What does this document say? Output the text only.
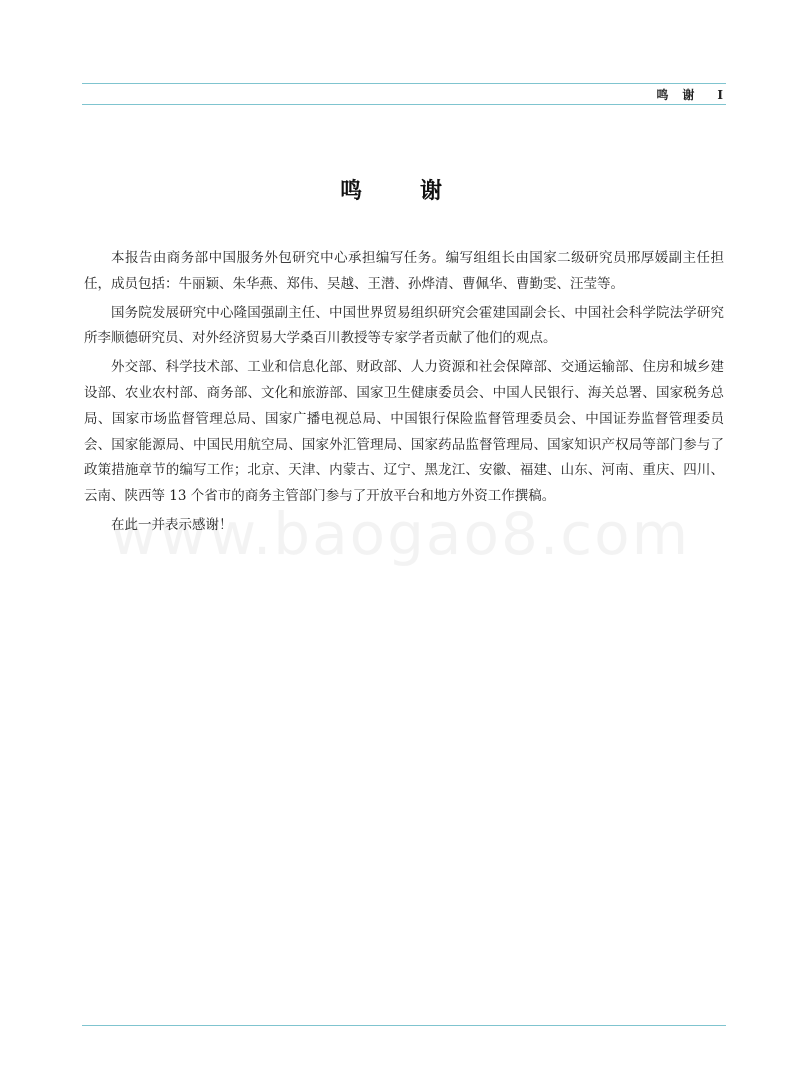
鸣　谢 I
鸣　谢

本报告由商务部中国服务外包研究中心承担编写任务。编写组组长由国家二级研究员邢厚媛副主任担任，成员包括：牛丽颖、朱华燕、郑伟、吴越、王潜、孙烨清、曹佩华、曹勤雯、汪莹等。

国务院发展研究中心隆国强副主任、中国世界贸易组织研究会霍建国副会长、中国社会科学院法学研究所李顺德研究员、对外经济贸易大学桑百川教授等专家学者贡献了他们的观点。

外交部、科学技术部、工业和信息化部、财政部、人力资源和社会保障部、交通运输部、住房和城乡建设部、农业农村部、商务部、文化和旅游部、国家卫生健康委员会、中国人民银行、海关总署、国家税务总局、国家市场监督管理总局、国家广播电视总局、中国银行保险监督管理委员会、中国证券监督管理委员会、国家能源局、中国民用航空局、国家外汇管理局、国家药品监督管理局、国家知识产权局等部门参与了政策措施章节的编写工作；北京、天津、内蒙古、辽宁、黑龙江、安徽、福建、山东、河南、重庆、四川、云南、陕西等 13 个省市的商务主管部门参与了开放平台和地方外资工作撰稿。

在此一并表示感谢！
